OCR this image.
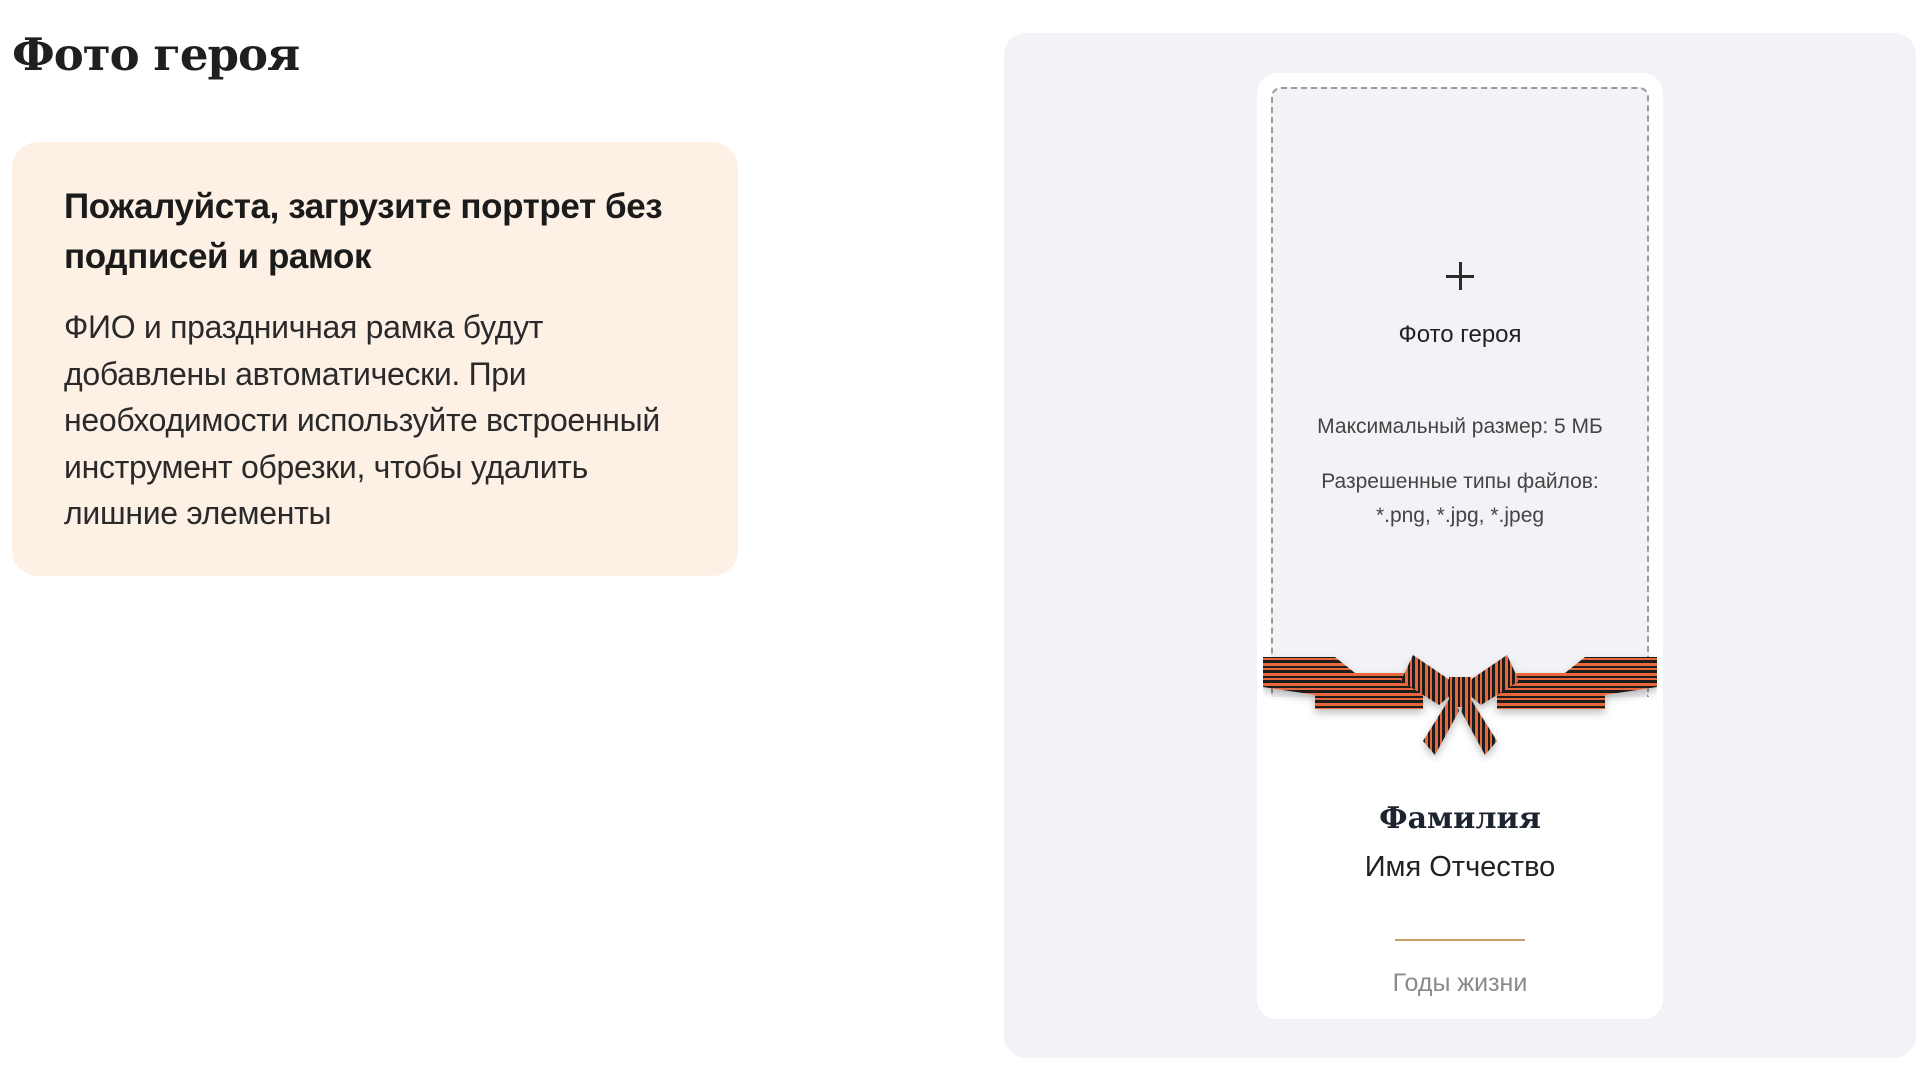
Фото героя

Пожалуйста, загрузите портрет без подписей и рамок

ФИО и праздничная рамка будут добавлены автоматически. При необходимости используйте встроенный инструмент обрезки, чтобы удалить лишние элементы

Фото героя
Максимальный размер: 5 МБ
Разрешенные типы файлов:
*.png, *.jpg, *.jpeg
Фамилия
Имя Отчество
Годы жизни
